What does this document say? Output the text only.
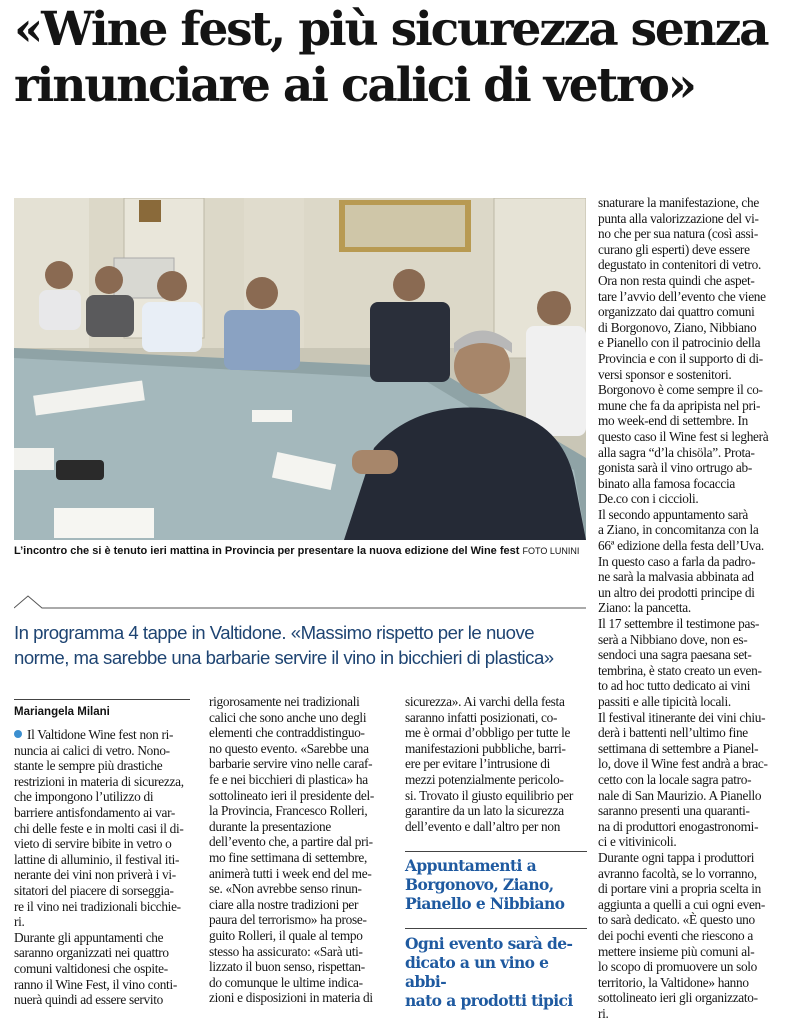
«Wine fest, più sicurezza senza
rinunciare ai calici di vetro»
L’incontro che si è tenuto ieri mattina in Provincia per presentare la nuova edizione del Wine fest FOTO LUNINI
In programma 4 tappe in Valtidone. «Massimo rispetto per le nuove
norme, ma sarebbe una barbarie servire il vino in bicchieri di plastica»
Mariangela Milani

Il Valtidone Wine fest non ri-

nuncia ai calici di vetro. Nono-

stante le sempre più drastiche

restrizioni in materia di sicurezza,

che impongono l’utilizzo di

barriere antisfondamento ai var-

chi delle feste e in molti casi il di-

vieto di servire bibite in vetro o

lattine di alluminio, il festival iti-

nerante dei vini non priverà i vi-

sitatori del piacere di sorseggia-

re il vino nei tradizionali bicchie-

ri.

Durante gli appuntamenti che

saranno organizzati nei quattro

comuni valtidonesi che ospite-

ranno il Wine Fest, il vino conti-

nuerà quindi ad essere servito

rigorosamente nei tradizionali

calici che sono anche uno degli

elementi che contraddistinguo-

no questo evento. «Sarebbe una

barbarie servire vino nelle caraf-

fe e nei bicchieri di plastica» ha

sottolineato ieri il presidente del-

la Provincia, Francesco Rolleri,

durante la presentazione

dell’evento che, a partire dal pri-

mo fine settimana di settembre,

animerà tutti i week end del me-

se. «Non avrebbe senso rinun-

ciare alla nostre tradizioni per

paura del terrorismo» ha prose-

guito Rolleri, il quale al tempo

stesso ha assicurato: «Sarà uti-

lizzato il buon senso, rispettan-

do comunque le ultime indica-

zioni e disposizioni in materia di

sicurezza». Ai varchi della festa

saranno infatti posizionati, co-

me è ormai d’obbligo per tutte le

manifestazioni pubbliche, barri-

ere per evitare l’intrusione di

mezzi potenzialmente pericolo-

si. Trovato il giusto equilibrio per

garantire da un lato la sicurezza

dell’evento e dall’altro per non

Appuntamenti a
Borgonovo, Ziano,
Pianello e Nibbiano
Ogni evento sarà de-
dicato a un vino e abbi-
nato a prodotti tipici

snaturare la manifestazione, che

punta alla valorizzazione del vi-

no che per sua natura (così assi-

curano gli esperti) deve essere

degustato in contenitori di vetro.

Ora non resta quindi che aspet-

tare l’avvio dell’evento che viene

organizzato dai quattro comuni

di Borgonovo, Ziano, Nibbiano

e Pianello con il patrocinio della

Provincia e con il supporto di di-

versi sponsor e sostenitori.

Borgonovo è come sempre il co-

mune che fa da apripista nel pri-

mo week-end di settembre. In

questo caso il Wine fest si legherà

alla sagra “d’la chisöla”. Prota-

gonista sarà il vino ortrugo ab-

binato alla famosa focaccia

De.co con i ciccioli.

Il secondo appuntamento sarà

a Ziano, in concomitanza con la

66ª edizione della festa dell’Uva.

In questo caso a farla da padro-

ne sarà la malvasia abbinata ad

un altro dei prodotti principe di

Ziano: la pancetta.

Il 17 settembre il testimone pas-

serà a Nibbiano dove, non es-

sendoci una sagra paesana set-

tembrina, è stato creato un even-

to ad hoc tutto dedicato ai vini

passiti e alle tipicità locali.

Il festival itinerante dei vini chiu-

derà i battenti nell’ultimo fine

settimana di settembre a Pianel-

lo, dove il Wine fest andrà a brac-

cetto con la locale sagra patro-

nale di San Maurizio. A Pianello

saranno presenti una quaranti-

na di produttori enogastronomi-

ci e vitivinicoli.

Durante ogni tappa i produttori

avranno facoltà, se lo vorranno,

di portare vini a propria scelta in

aggiunta a quelli a cui ogni even-

to sarà dedicato. «È questo uno

dei pochi eventi che riescono a

mettere insieme più comuni al-

lo scopo di promuovere un solo

territorio, la Valtidone» hanno

sottolineato ieri gli organizzato-

ri.
